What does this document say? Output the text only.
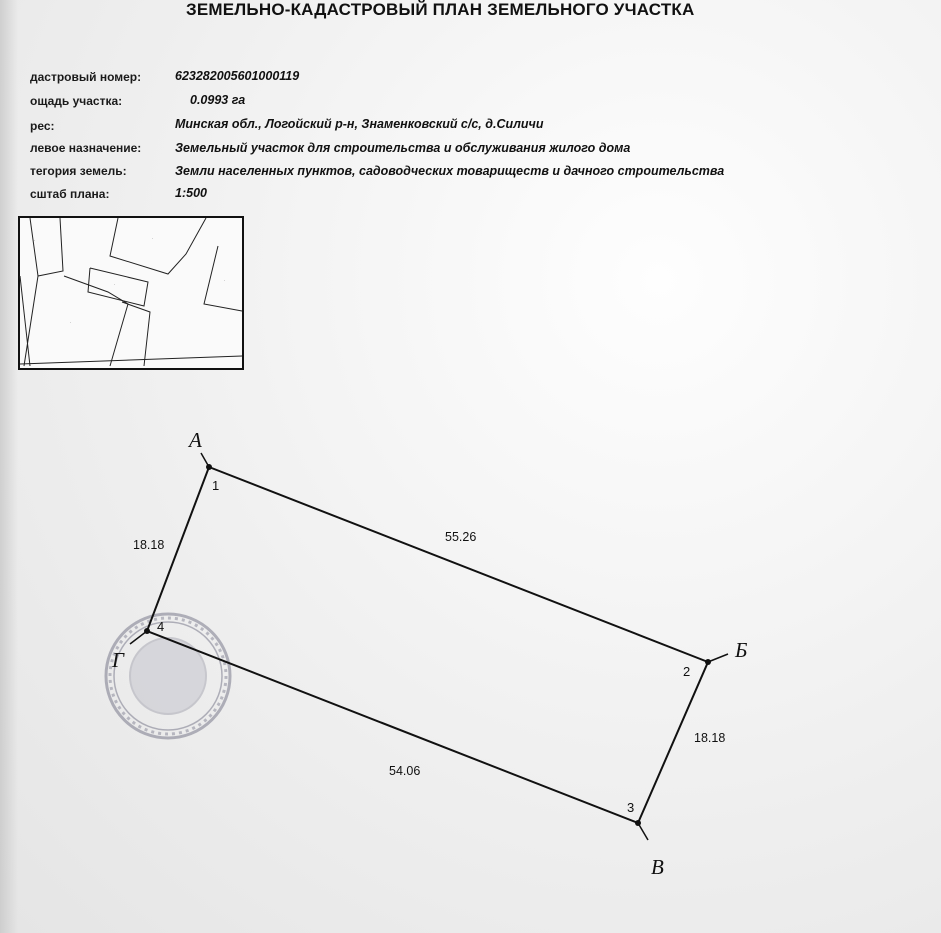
ЗЕМЕЛЬНО-КАДАСТРОВЫЙ ПЛАН ЗЕМЕЛЬНОГО УЧАСТКА
дастровый номер:	623282005601000119
ощадь участка:	0.0993 га
рес:	Минская обл., Логойский р-н, Знаменковский с/с, д.Силичи
левое назначение:	Земельный участок для строительства и обслуживания жилого дома
тегория земель:	Земли населенных пунктов, садоводческих товариществ и дачного строительства
сштаб плана:	1:500
·	·
·
·
·
А
Б
В
Г
1
2
3
4
55.26
18.18
54.06
18.18
